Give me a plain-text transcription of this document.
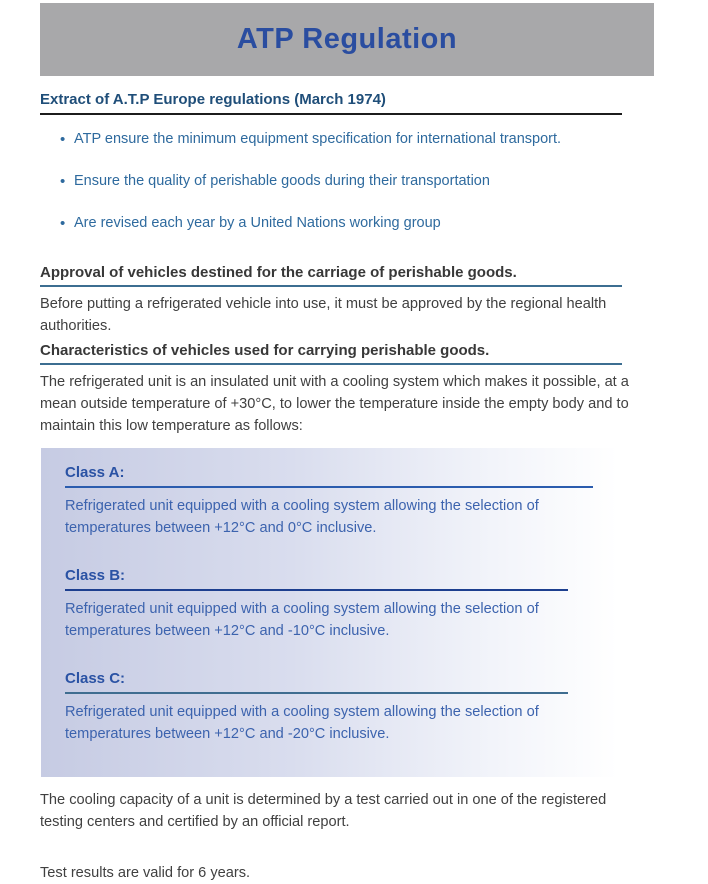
ATP Regulation
Extract of A.T.P Europe regulations (March 1974)
• ATP ensure the minimum equipment specification for international transport.
• Ensure the quality of perishable goods during their transportation
• Are revised each year by a United Nations working group
Approval of vehicles destined for the carriage of perishable goods.
Before putting a refrigerated vehicle into use, it must be approved by the regional health authorities.
Characteristics of vehicles used for carrying perishable goods.
The refrigerated unit is an insulated unit with a cooling system which makes it possible, at a mean outside temperature of +30°C, to lower the temperature inside the empty body and to maintain this low temperature as follows:
Class A:
Refrigerated unit equipped with a cooling system allowing the selection of temperatures between +12°C and 0°C inclusive.
Class B:
Refrigerated unit equipped with a cooling system allowing the selection of temperatures between +12°C and -10°C inclusive.
Class C:
Refrigerated unit equipped with a cooling system allowing the selection of temperatures between +12°C and -20°C inclusive.
The cooling capacity of a unit is determined by a test carried out in one of the registered testing centers and certified by an official report.
Test results are valid for 6 years.
